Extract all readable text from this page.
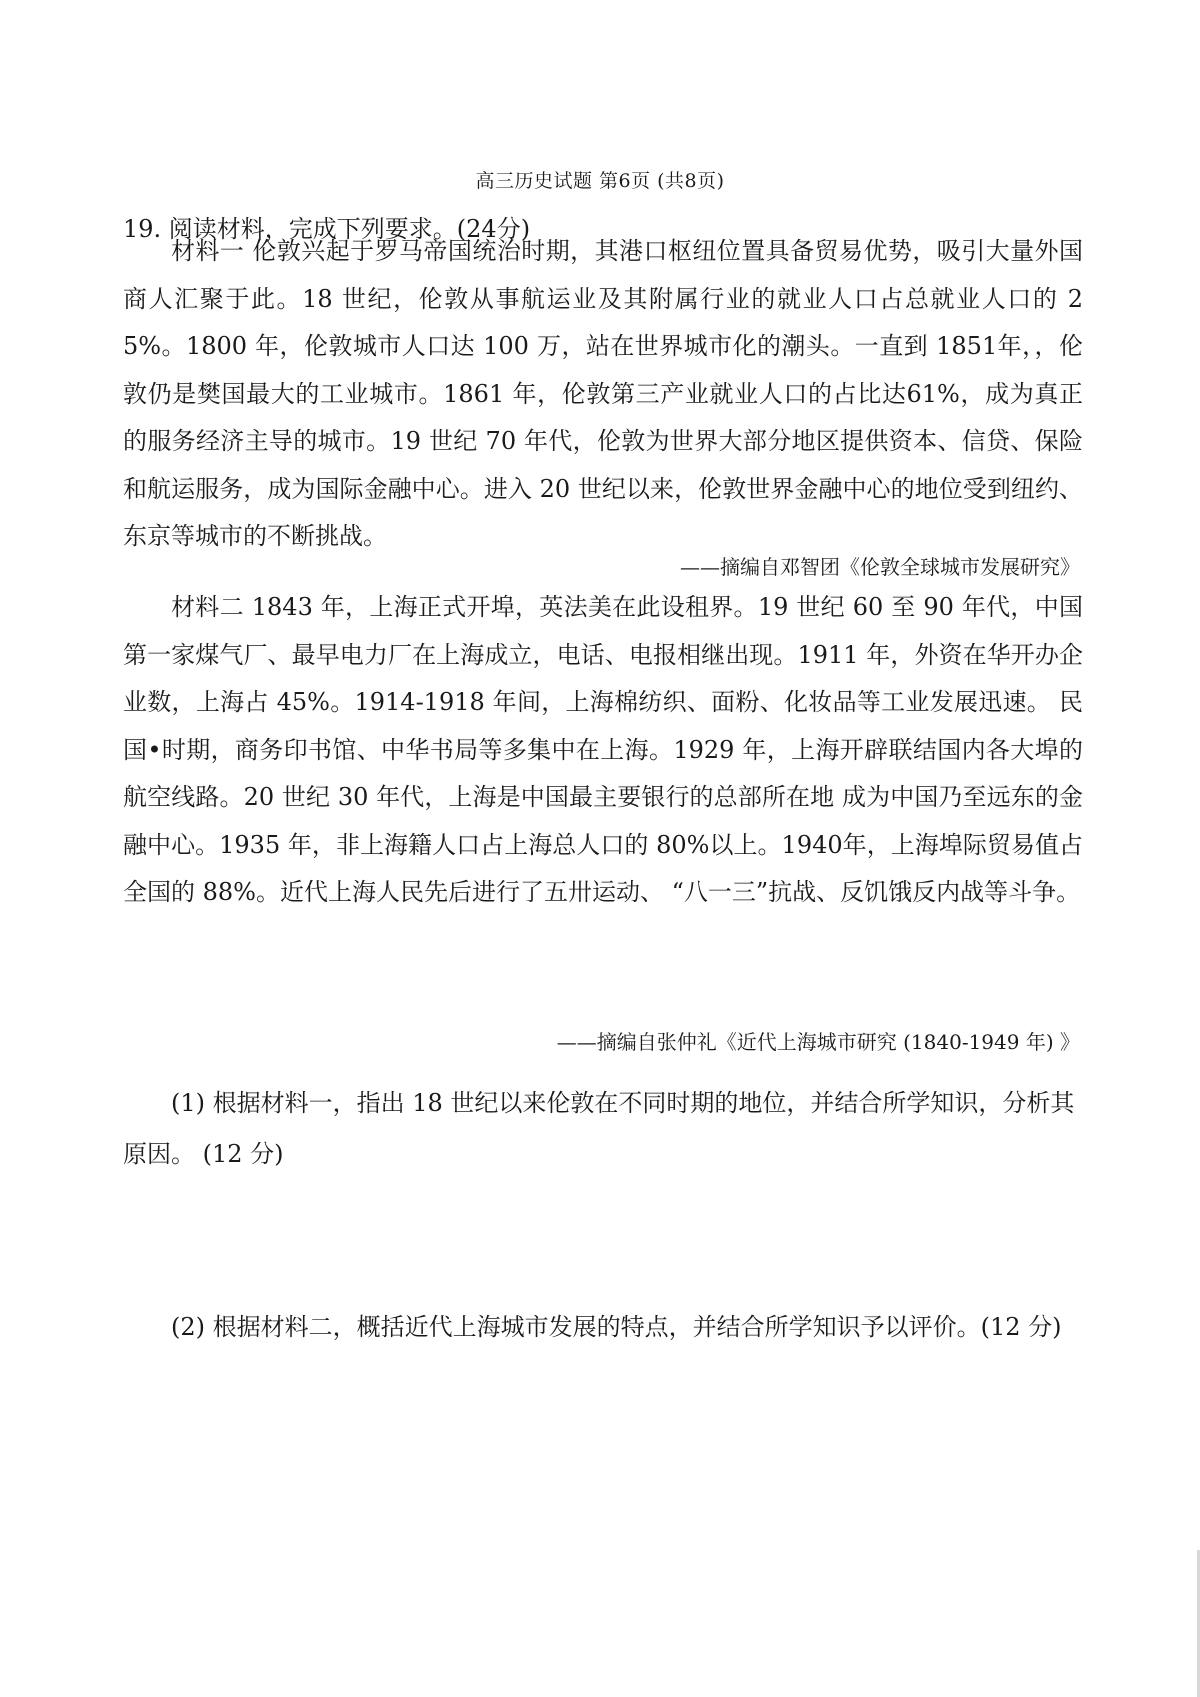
高三历史试题 第6页 (共8页)
19. 阅读材料，完成下列要求。(24分)
材料一 伦敦兴起于罗马帝国统治时期，其港口枢纽位置具备贸易优势，吸引大量外国商人汇聚于此。18 世纪，伦敦从事航运业及其附属行业的就业人口占总就业人口的 25%。1800 年，伦敦城市人口达 100 万，站在世界城市化的潮头。一直到 1851年，，伦敦仍是樊国最大的工业城市。1861 年，伦敦第三产业就业人口的占比达61%，成为真正的服务经济主导的城市。19 世纪 70 年代，伦敦为世界大部分地区提供资本、信贷、保险和航运服务，成为国际金融中心。进入 20 世纪以来，伦敦世界金融中心的地位受到纽约、东京等城市的不断挑战。
——摘编自邓智团《伦敦全球城市发展研究》
材料二 1843 年，上海正式开埠，英法美在此设租界。19 世纪 60 至 90 年代，中国第一家煤气厂、最早电力厂在上海成立，电话、电报相继出现。1911 年，外资在华开办企业数，上海占 45%。1914-1918 年间，上海棉纺织、面粉、化妆品等工业发展迅速。 民国•时期，商务印书馆、中华书局等多集中在上海。1929 年，上海开辟联结国内各大埠的航空线路。20 世纪 30 年代，上海是中国最主要银行的总部所在地 成为中国乃至远东的金融中心。1935 年，非上海籍人口占上海总人口的 80%以上。1940年，上海埠际贸易值占全国的 88%。近代上海人民先后进行了五卅运动、 “八一三”抗战、反饥饿反内战等斗争。
——摘编自张仲礼《近代上海城市研究 (1840-1949 年) 》
(1) 根据材料一，指出 18 世纪以来伦敦在不同时期的地位，并结合所学知识，分析其原因。 (12 分)
(2) 根据材料二，概括近代上海城市发展的特点，并结合所学知识予以评价。(12 分)
